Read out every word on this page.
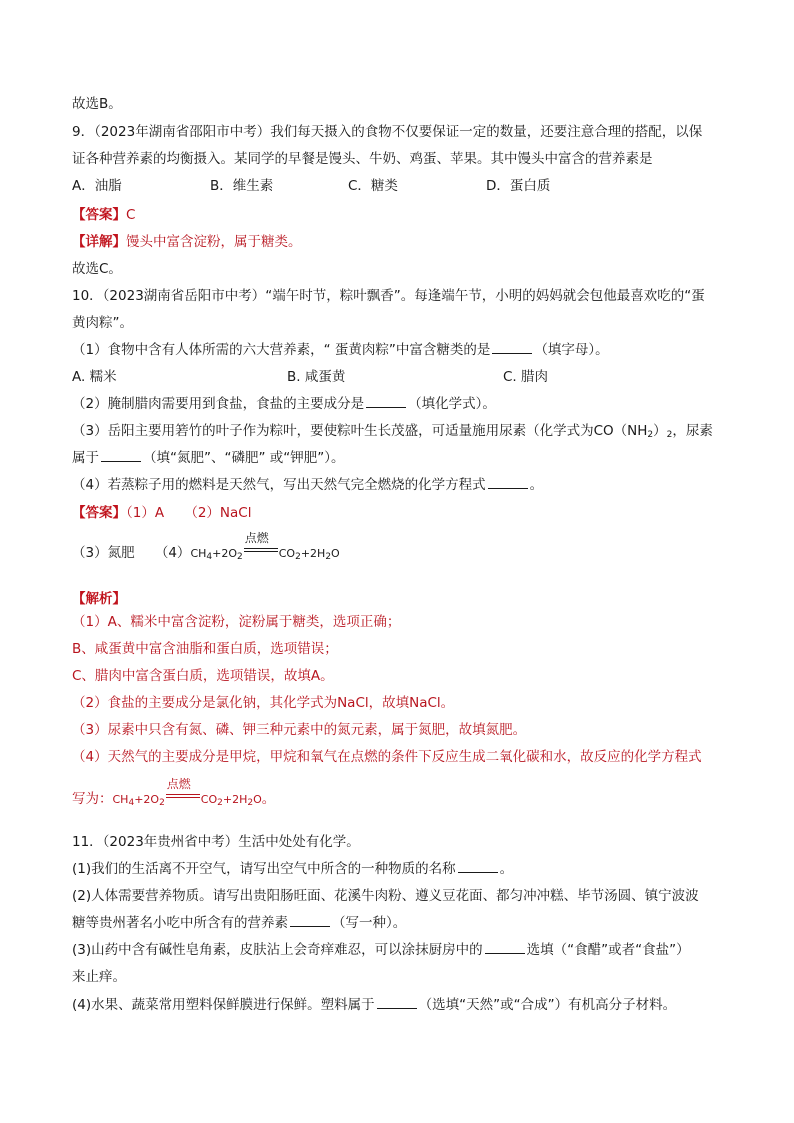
故选B。
9．（2023年湖南省邵阳市中考）我们每天摄入的食物不仅要保证一定的数量，还要注意合理的搭配，以保
证各种营养素的均衡摄入。某同学的早餐是馒头、牛奶、鸡蛋、苹果。其中馒头中富含的营养素是
A．油脂	B．维生素	C．糖类	D．蛋白质
【答案】C
【详解】馒头中富含淀粉，属于糖类。
故选C。
10．（2023湖南省岳阳市中考）“端午时节，粽叶飘香”。每逢端午节，小明的妈妈就会包他最喜欢吃的“蛋
黄肉粽”。
（1）食物中含有人体所需的六大营养素，“ 蛋黄肉粽”中富含糖类的是	（填字母）。
A. 糯米	B. 咸蛋黄	C. 腊肉
（2）腌制腊肉需要用到食盐，食盐的主要成分是	（填化学式）。
（3）岳阳主要用箬竹的叶子作为粽叶，要使粽叶生长茂盛，可适量施用尿素（化学式为$CO(NH_2)_2$，尿素
属于	（填“氮肥”、“磷肥” 或“钾肥”）。
（4）若蒸粽子用的燃料是天然气，写出天然气完全燃烧的化学方程式	。
【答案】（1）A　　（2）NaCl
（3）氮肥　　$(4)CH_4+2O_2$
点燃
$CO_2+2H_2O$
【解析】
（1）A、糯米中富含淀粉，淀粉属于糖类，选项正确；
B、咸蛋黄中富含油脂和蛋白质，选项错误；
C、腊肉中富含蛋白质，选项错误，故填A。
（2）食盐的主要成分是氯化钠，其化学式为NaCl，故填NaCl。
（3）尿素中只含有氮、磷、钾三种元素中的氮元素，属于氮肥，故填氮肥。
（4）天然气的主要成分是甲烷，甲烷和氧气在点燃的条件下反应生成二氧化碳和水，故反应的化学方程式
写为：$CH_4+2O_2$
点燃
$CO_2+2H_2O$。
11．（2023年贵州省中考）生活中处处有化学。
(1)我们的生活离不开空气，请写出空气中所含的一种物质的名称	。
(2)人体需要营养物质。请写出贵阳肠旺面、花溪牛肉粉、遵义豆花面、都匀冲冲糕、毕节汤圆、镇宁波波
糖等贵州著名小吃中所含有的营养素	（写一种）。
(3)山药中含有碱性皂角素，皮肤沾上会奇痒难忍，可以涂抹厨房中的	选填（“食醋”或者“食盐”）
来止痒。
(4)水果、蔬菜常用塑料保鲜膜进行保鲜。塑料属于	（选填“天然”或“合成”）有机高分子材料。
